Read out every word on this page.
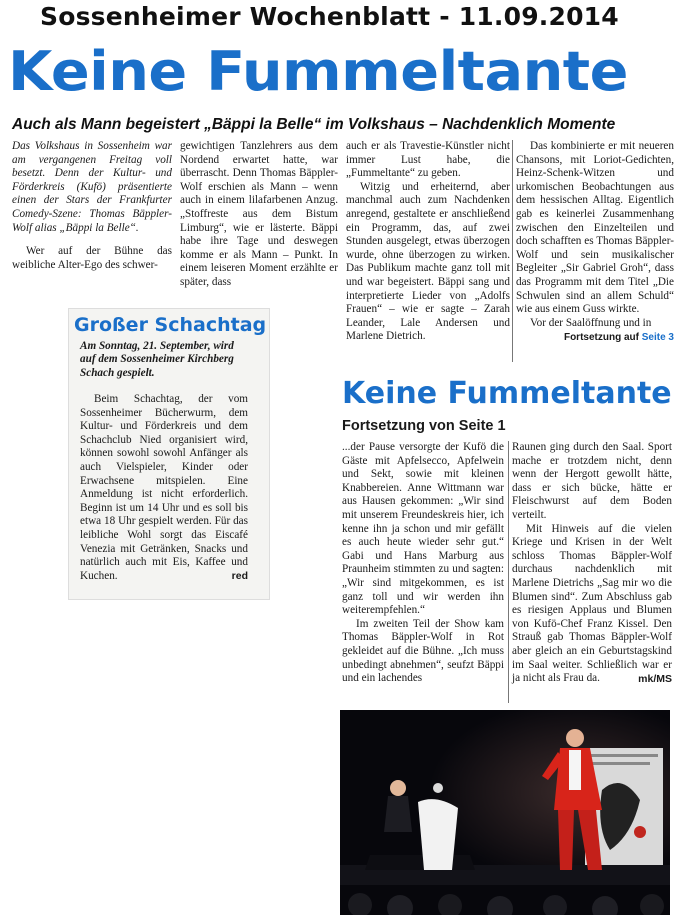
Sossenheimer Wochenblatt - 11.09.2014
Keine Fummeltante
Auch als Mann begeistert „Bäppi la Belle“ im Volkshaus – Nachdenklich Momente

Das Volkshaus in Sossenheim war am vergangenen Freitag voll besetzt. Denn der Kultur- und Förderkreis (Kufö) präsentierte einen der Stars der Frankfurter Comedy-Szene: Thomas Bäppler-Wolf alias „Bäppi la Belle“.

Wer auf der Bühne das weibliche Alter-Ego des schwer-

gewichtigen Tanzlehrers aus dem Nordend erwartet hatte, war überrascht. Denn Thomas Bäppler-Wolf erschien als Mann – wenn auch in einem lilafarbenen Anzug. „Stoffreste aus dem Bistum Limburg“, wie er lästerte. Bäppi habe ihre Tage und deswegen komme er als Mann – Punkt. In einem leiseren Moment erzählte er später, dass

auch er als Travestie-Künstler nicht immer Lust habe, die „Fummeltante“ zu geben.

Witzig und erheiternd, aber manchmal auch zum Nachdenken anregend, gestaltete er anschließend ein Programm, das, auf zwei Stunden ausgelegt, etwas überzogen wurde, ohne überzogen zu wirken. Das Publikum machte ganz toll mit und war begeistert. Bäppi sang und interpretierte Lieder von „Adolfs Frauen“ – wie er sagte – Zarah Leander, Lale Andersen und Marlene Dietrich.

Das kombinierte er mit neueren Chansons, mit Loriot-Gedichten, Heinz-Schenk-Witzen und urkomischen Beobachtungen aus dem hessischen Alltag. Eigentlich gab es keinerlei Zusammenhang zwischen den Einzelteilen und doch schafften es Thomas Bäppler-Wolf und sein musikalischer Begleiter „Sir Gabriel Groh“, dass das Programm mit dem Titel „Die Schwulen sind an allem Schuld“ wie aus einem Guss wirkte.

Vor der Saalöffnung und in

Fortsetzung auf Seite 3

Großer Schachtag
Am Sonntag, 21. September, wird auf dem Sossenheimer Kirchberg Schach gespielt.

Beim Schachtag, der vom Sossenheimer Bücherwurm, dem Kultur- und Förderkreis und dem Schachclub Nied organisiert wird, können sowohl sowohl Anfänger als auch Vielspieler, Kinder oder Erwachsene mitspielen. Eine Anmeldung ist nicht erforderlich. Beginn ist um 14 Uhr und es soll bis etwa 18 Uhr gespielt werden. Für das leibliche Wohl sorgt das Eiscafé Venezia mit Getränken, Snacks und natürlich auch mit Eis, Kaffee und Kuchen.	red

Keine Fummeltante
Fortsetzung von Seite 1

...der Pause versorgte der Kufö die Gäste mit Apfelsecco, Apfelwein und Sekt, sowie mit kleinen Knabbereien. Anne Wittmann war aus Hausen gekommen: „Wir sind mit unserem Freundeskreis hier, ich kenne ihn ja schon und mir gefällt es auch heute wieder sehr gut.“ Gabi und Hans Marburg aus Praunheim stimmten zu und sagten: „Wir sind mitgekommen, es ist ganz toll und wir werden ihn weiterempfehlen.“

Im zweiten Teil der Show kam Thomas Bäppler-Wolf in Rot gekleidet auf die Bühne. „Ich muss unbedingt abnehmen“, seufzt Bäppi und ein lachendes

Raunen ging durch den Saal. Sport mache er trotzdem nicht, denn wenn der Hergott gewollt hätte, dass er sich bücke, hätte er Fleischwurst auf dem Boden verteilt.

Mit Hinweis auf die vielen Kriege und Krisen in der Welt schloss Thomas Bäppler-Wolf durchaus nachdenklich mit Marlene Dietrichs „Sag mir wo die Blumen sind“. Zum Abschluss gab es riesigen Applaus und Blumen von Kufö-Chef Franz Kissel. Den Strauß gab Thomas Bäppler-Wolf aber gleich an ein Geburtstagskind im Saal weiter. Schließlich war er ja nicht als Frau da.	mk/MS
